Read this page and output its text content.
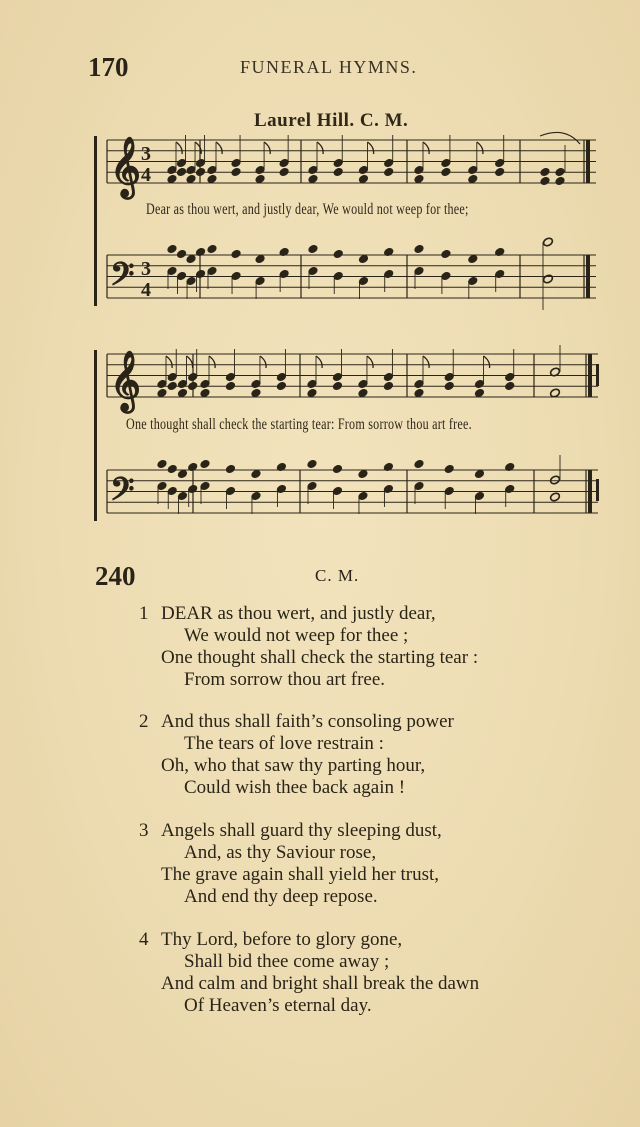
170	FUNERAL HYMNS.
Laurel Hill. C. M.
𝄞
𝄢
3
4
3
4
𝄞
𝄢
Dear as thou wert, and justly dear, We would not weep for thee;
One thought shall check the starting tear: From sorrow thou art free.
240	C. M.
1 DEAR as thou wert, and justly dear,
We would not weep for thee ;
One thought shall check the starting tear :
From sorrow thou art free.
2 And thus shall faith’s consoling power
The tears of love restrain :
Oh, who that saw thy parting hour,
Could wish thee back again !
3 Angels shall guard thy sleeping dust,
And, as thy Saviour rose,
The grave again shall yield her trust,
And end thy deep repose.
4 Thy Lord, before to glory gone,
Shall bid thee come away ;
And calm and bright shall break the dawn
Of Heaven’s eternal day.
